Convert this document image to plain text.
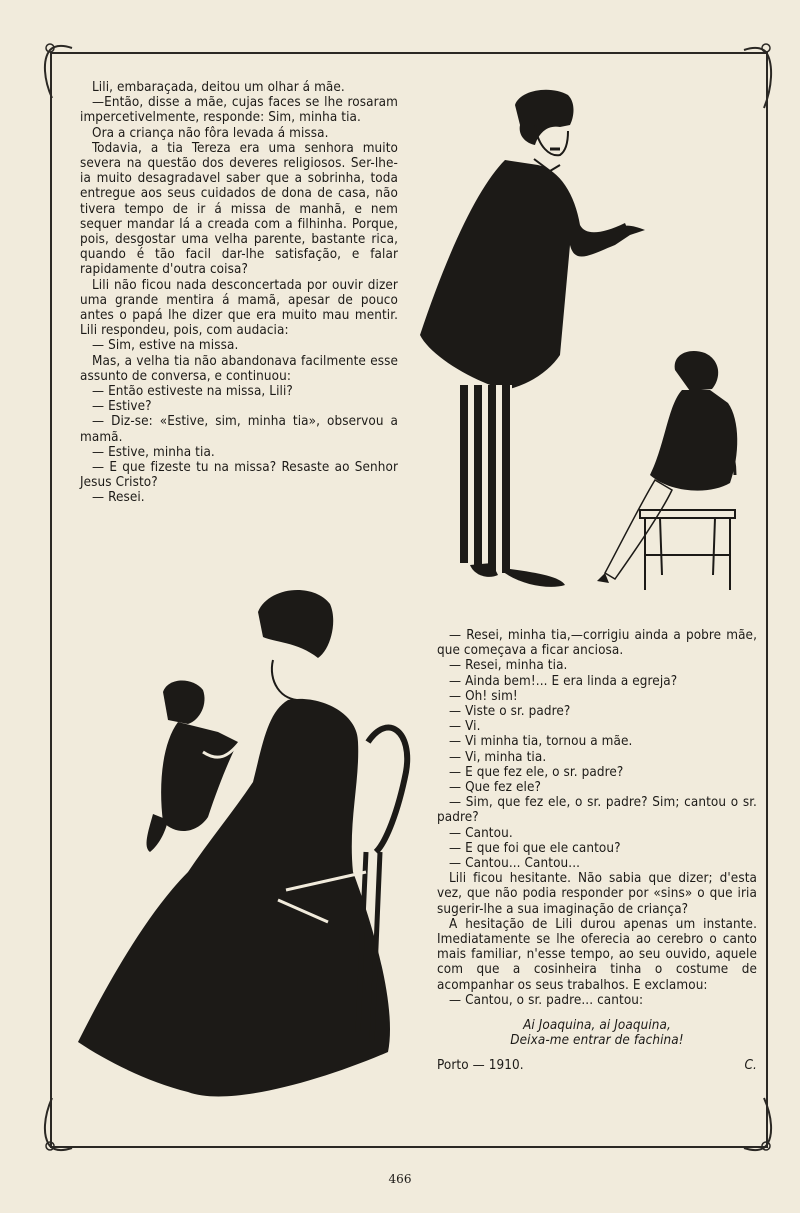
Lili, embaraçada, deitou um olhar á mãe.

—Então, disse a mãe, cujas faces se lhe rosaram impercetivelmente, responde: Sim, minha tia.

Ora a criança não fôra levada á missa.

Todavia, a tia Tereza era uma senhora muito severa na questão dos deveres religiosos. Ser-lhe-ia muito desagradavel saber que a sobrinha, toda entregue aos seus cuidados de dona de casa, não tivera tempo de ir á missa de manhã, e nem sequer mandar lá a creada com a filhinha. Porque, pois, desgostar uma velha parente, bastante rica, quando é tão facil dar-lhe satisfação, e falar rapidamente d'outra coisa?

Lili não ficou nada desconcertada por ouvir dizer uma grande mentira á mamã, apesar de pouco antes o papá lhe dizer que era muito mau mentir. Lili respondeu, pois, com audacia:

— Sim, estive na missa.

Mas, a velha tia não abandonava facilmente esse assunto de conversa, e continuou:

— Então estiveste na missa, Lili?

— Estive?

— Diz-se: «Estive, sim, minha tia», observou a mamã.

— Estive, minha tia.

— E que fizeste tu na missa? Resaste ao Senhor Jesus Cristo?

— Resei.

— Resei, minha tia,—corrigiu ainda a pobre mãe, que começava a ficar anciosa.

— Resei, minha tia.

— Ainda bem!... E era linda a egreja?

— Oh! sim!

— Viste o sr. padre?

— Vi.

— Vi minha tia, tornou a mãe.

— Vi, minha tia.

— E que fez ele, o sr. padre?

— Que fez ele?

— Sim, que fez ele, o sr. padre? Sim; cantou o sr. padre?

— Cantou.

— E que foi que ele cantou?

— Cantou... Cantou...

Lili ficou hesitante. Não sabia que dizer; d'esta vez, que não podia responder por «sins» o que iria sugerir-lhe a sua imaginação de criança?

A hesitação de Lili durou apenas um instante. Imediatamente se lhe oferecia ao cerebro o canto mais familiar, n'esse tempo, ao seu ouvido, aquele com que a cosinheira tinha o costume de acompanhar os seus trabalhos. E exclamou:

— Cantou, o sr. padre... cantou:

Ai Joaquina, ai Joaquina,
Deixa-me entrar de fachina!
Porto — 1910.	C.
466
